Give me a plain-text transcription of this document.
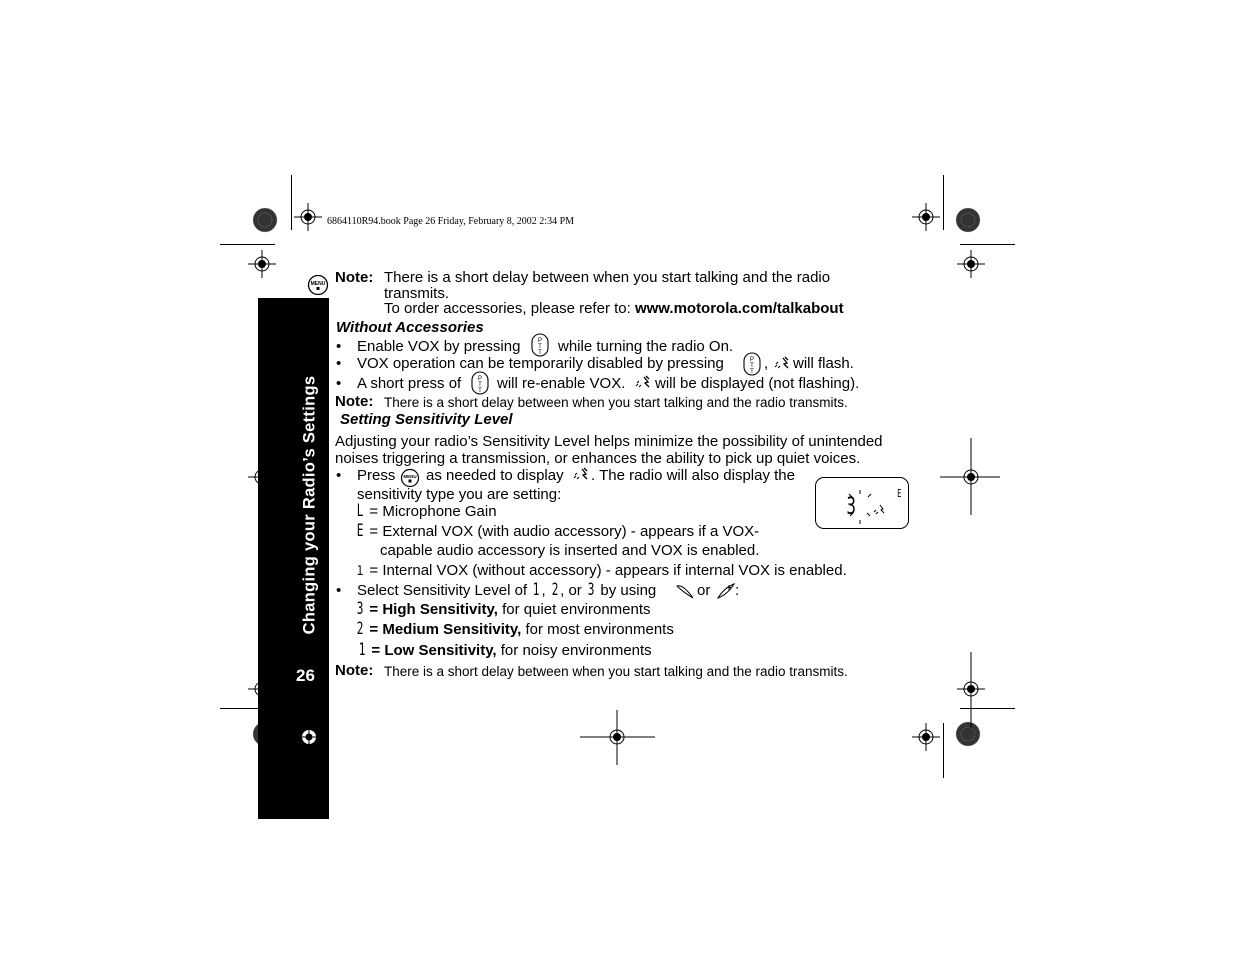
6864110R94.book Page 26 Friday, February 8, 2002 2:34 PM
Changing your Radio’s Settings
26
MENU Note: There is a short delay between when you start talking and the radio
transmits.
To order accessories, please refer to: www.motorola.com/talkabout
Without Accessories
• Enable VOX by pressing	P
T
T while turning the radio On.
• VOX operation can be temporarily disabled by pressing	P
T
T , will flash.
• A short press of	P
T
T will re-enable VOX. will be displayed (not flashing).
Note: There is a short delay between when you start talking and the radio transmits.
Setting Sensitivity Level
Adjusting your radio’s Sensitivity Level helps minimize the possibility of unintended
noises triggering a transmission, or enhances the ability to pick up quiet voices.
• Press MENU as needed to display . The radio will also display the
sensitivity type you are setting:
L = Microphone Gain
E = External VOX (with audio accessory) - appears if a VOX-
capable audio accessory is inserted and VOX is enabled.
ı = Internal VOX (without accessory) - appears if internal VOX is enabled.
3	E
• Select Sensitivity Level of 1 , 2 , or 3 by using	or :
3 = High Sensitivity, for quiet environments
2 = Medium Sensitivity, for most environments
1 = Low Sensitivity, for noisy environments
Note: There is a short delay between when you start talking and the radio transmits.
